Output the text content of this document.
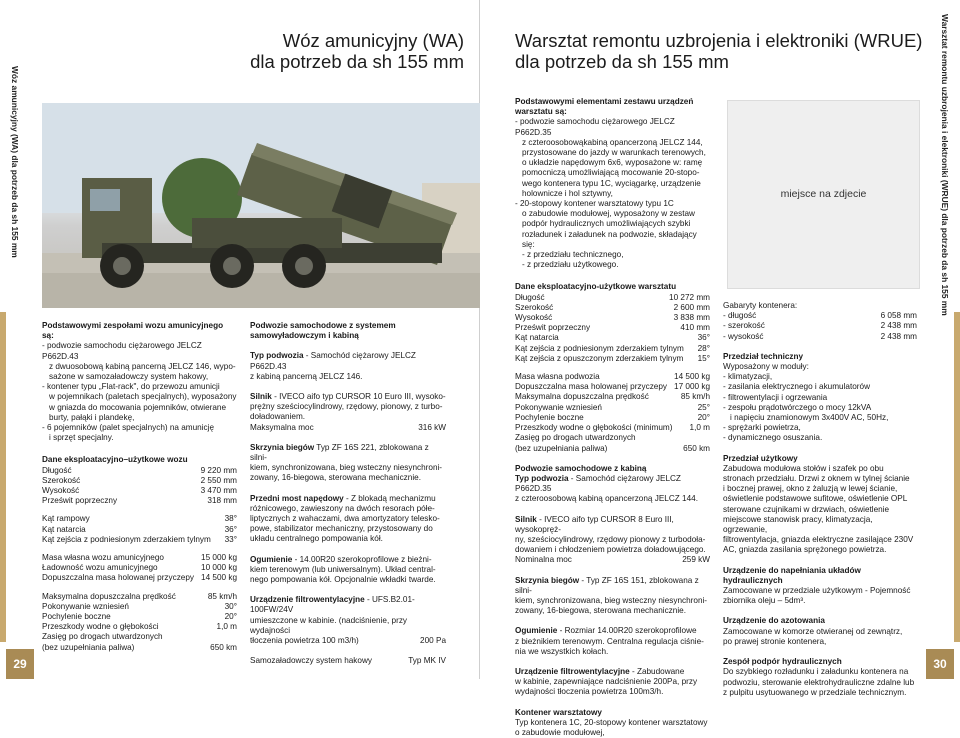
Wóz amunicyjny (WA) dla potrzeb da sh 155 mm
29
Warsztat remontu uzbrojenia i elektroniki (WRUE) dla potrzeb da sh 155 mm
30
Wóz amunicyjny (WA)
dla potrzeb da sh 155 mm
Warsztat remontu uzbrojenia i elektroniki (WRUE)
dla potrzeb da sh 155 mm

Podstawowymi zespołami wozu amunicyjnego są:

- podwozie samochodu ciężarowego JELCZ P662D.43

z dwuosobową kabiną pancerną JELCZ 146, wypo-

sażone w samozaładowczy system hakowy,

- kontener typu „Flat-rack", do przewozu amunicji

w pojemnikach (paletach specjalnych), wyposażony

w gniazda do mocowania pojemników, otwierane

burty, pałąki i plandekę,

- 6 pojemników (palet specjalnych) na amunicję

i sprzęt specjalny.

Dane eksploatacyjno–użytkowe wozu

Długość	9 220 mm
Szerokość	2 550 mm
Wysokość	3 470 mm
Prześwit poprzeczny	318 mm
Kąt rampowy	38°
Kąt natarcia	36°
Kąt zejścia z podniesionym zderzakiem tylnym 33°
Masa własna wozu amunicyjnego	15 000 kg
Ładowność wozu amunicyjnego	10 000 kg
Dopuszczalna masa holowanej przyczepy 14 500 kg
Maksymalna dopuszczalna prędkość	85 km/h
Pokonywanie wzniesień	30°
Pochylenie boczne	20°
Przeszkody wodne o głębokości	1,0 m
Zasięg po drogach utwardzonych
(bez uzupełniania paliwa)	650 km

Podwozie samochodowe z systemem

samowyładowczym i kabiną

Typ podwozia - Samochód ciężarowy JELCZ P662D.43

z kabiną pancerną JELCZ 146.

Silnik - IVECO aifo typ CURSOR 10 Euro III, wysoko-

prężny sześciocylindrowy, rzędowy, pionowy, z turbo-

doładowaniem.

Maksymalna moc	316 kW

Skrzynia biegów Typ ZF 16S 221, zblokowana z silni-

kiem, synchronizowana, bieg wsteczny niesynchroni-

zowany, 16-biegowa, sterowana mechanicznie.

Przedni most napędowy - Z blokadą mechanizmu

różnicowego, zawieszony na dwóch resorach półe-

liptycznych z wahaczami, dwa amortyzatory telesko-

powe, stabilizator mechaniczny, przystosowany do

układu centralnego pompowania kół.

Ogumienie - 14.00R20 szerokoprofilowe z bieżni-

kiem terenowym (lub uniwersalnym). Układ central-

nego pompowania kół. Opcjonalnie wkładki twarde.

Urządzenie filtrowentylacyjne - UFS.B2.01-100FW/24V

umieszczone w kabinie. (nadciśnienie, przy wydajności

tłoczenia powietrza 100 m3/h)	200 Pa
Samozaładowczy system hakowy	Typ MK IV

Podstawowymi elementami zestawu urządzeń

warsztatu są:

- podwozie samochodu ciężarowego JELCZ P662D.35

z czteroosobowąkabiną opancerzoną JELCZ 144,

przystosowane do jazdy w warunkach terenowych,

o układzie napędowym 6x6, wyposażone w: ramę

pomocniczą umożliwiającą mocowanie 20-stopo-

wego kontenera typu 1C, wyciągarkę, urządzenie

holownicze i hol sztywny,

- 20-stopowy kontener warsztatowy typu 1C

o zabudowie modułowej, wyposażony w zestaw

podpór hydraulicznych umożliwiających szybki

rozładunek i załadunek na podwozie, składający się:

- z przedziału technicznego,

- z przedziału użytkowego.

Dane eksploatacyjno-użytkowe warsztatu

Długość	10 272 mm
Szerokość	2 600 mm
Wysokość	3 838 mm
Prześwit poprzeczny	410 mm
Kąt natarcia	36°
Kąt zejścia z podniesionym zderzakiem tylnym 28°
Kąt zejścia z opuszczonym zderzakiem tylnym 15°
Masa własna podwozia	14 500 kg
Dopuszczalna masa holowanej przyczepy 17 000 kg
Maksymalna dopuszczalna prędkość	85 km/h
Pokonywanie wzniesień	25°
Pochylenie boczne	20°
Przeszkody wodne o głębokości (minimum) 1,0 m
Zasięg po drogach utwardzonych
(bez uzupełniania paliwa)	650 km

Podwozie samochodowe z kabiną

Typ podwozia - Samochód ciężarowy JELCZ P662D.35

z czteroosobową kabiną opancerzoną JELCZ 144.

Silnik - IVECO aifo typ CURSOR 8 Euro III, wysokopręż-

ny, sześciocylindrowy, rzędowy pionowy z turbodoła-

dowaniem i chłodzeniem powietrza doładowującego.

Nominalna moc	259 kW

Skrzynia biegów - Typ ZF 16S 151, zblokowana z silni-

kiem, synchronizowana, bieg wsteczny niesynchroni-

zowany, 16-biegowa, sterowana mechanicznie.

Ogumienie - Rozmiar 14.00R20 szerokoprofilowe

z bieżnikiem terenowym. Centralna regulacja ciśnie-

nia we wszystkich kołach.

Urządzenie filtrowentylacyjne - Zabudowane

w kabinie, zapewniające nadciśnienie 200Pa, przy

wydajności tłoczenia powietrza 100m3/h.

Kontener warsztatowy

Typ kontenera 1C, 20-stopowy kontener warsztatowy

o zabudowie modułowej,

miejsce na zdjecie

Gabaryty kontenera:

- długość	6 058 mm
- szerokość	2 438 mm
- wysokość	2 438 mm

Przedział techniczny

Wyposażony w moduły:

- klimatyzacji,

- zasilania elektrycznego i akumulatorów

- filtrowentylacji i ogrzewania

- zespołu prądotwórczego o mocy 12kVA

i napięciu znamionowym 3x400V AC, 50Hz,

- sprężarki powietrza,

- dynamicznego osuszania.

Przedział użytkowy

Zabudowa modułowa stołów i szafek po obu

stronach przedziału. Drzwi z oknem w tylnej ścianie

i bocznej prawej, okno z żaluzją w lewej ścianie,

oświetlenie podstawowe sufitowe, oświetlenie OPL

sterowane czujnikami w drzwiach, oświetlenie

miejscowe stanowisk pracy, klimatyzacja, ogrzewanie,

filtrowentylacja, gniazda elektryczne zasilające 230V

AC, gniazda zasilania sprężonego powietrza.

Urządzenie do napełniania układów hydraulicznych

Zamocowane w przedziale użytkowym - Pojemność

zbiornika oleju – 5dm³.

Urządzenie do azotowania

Zamocowane w komorze otwieranej od zewnątrz,

po prawej stronie kontenera,

Zespół podpór hydraulicznych

Do szybkiego rozładunku i załadunku kontenera na

podwoziu, sterowanie elektrohydrauliczne zdalne lub

z pulpitu usytuowanego w przedziale technicznym.
